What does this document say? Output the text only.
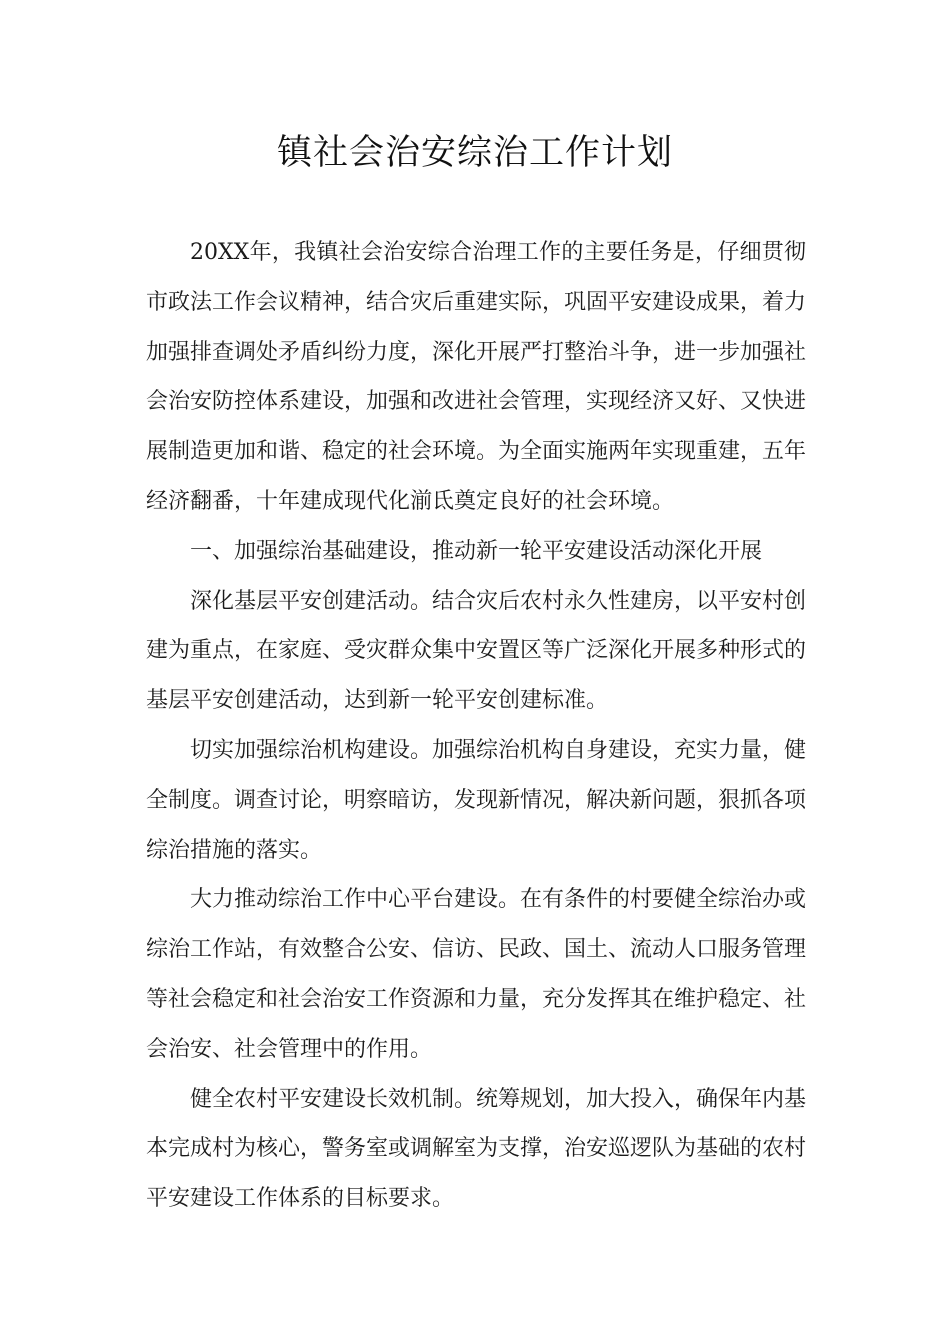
镇社会治安综治工作计划

20XX年，我镇社会治安综合治理工作的主要任务是，仔细贯彻市政法工作会议精神，结合灾后重建实际，巩固平安建设成果，着力加强排查调处矛盾纠纷力度，深化开展严打整治斗争，进一步加强社会治安防控体系建设，加强和改进社会管理，实现经济又好、又快进展制造更加和谐、稳定的社会环境。为全面实施两年实现重建，五年经济翻番，十年建成现代化湔氐奠定良好的社会环境。

一、加强综治基础建设，推动新一轮平安建设活动深化开展

深化基层平安创建活动。结合灾后农村永久性建房，以平安村创建为重点，在家庭、受灾群众集中安置区等广泛深化开展多种形式的基层平安创建活动，达到新一轮平安创建标准。

切实加强综治机构建设。加强综治机构自身建设，充实力量，健全制度。调查讨论，明察暗访，发现新情况，解决新问题，狠抓各项综治措施的落实。

大力推动综治工作中心平台建设。在有条件的村要健全综治办或综治工作站，有效整合公安、信访、民政、国土、流动人口服务管理等社会稳定和社会治安工作资源和力量，充分发挥其在维护稳定、社会治安、社会管理中的作用。

健全农村平安建设长效机制。统筹规划，加大投入，确保年内基本完成村为核心，警务室或调解室为支撑，治安巡逻队为基础的农村平安建设工作体系的目标要求。
